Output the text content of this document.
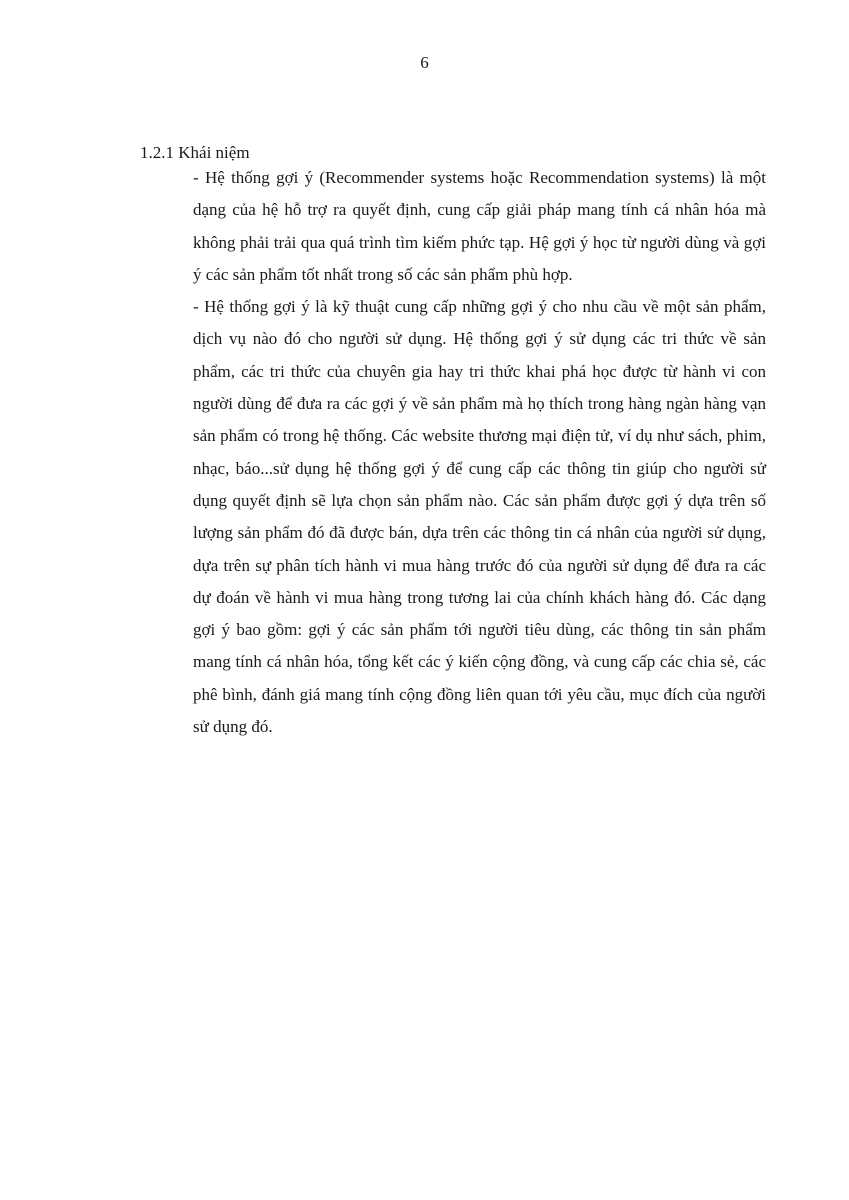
6
1.2.1 Khái niệm

- Hệ thống gợi ý (Recommender systems hoặc Recommendation systems) là một dạng của hệ hỗ trợ ra quyết định, cung cấp giải pháp mang tính cá nhân hóa mà không phải trải qua quá trình tìm kiếm phức tạp. Hệ gợi ý học từ người dùng và gợi ý các sản phẩm tốt nhất trong số các sản phẩm phù hợp.

- Hệ thống gợi ý là kỹ thuật cung cấp những gợi ý cho nhu cầu về một sản phẩm, dịch vụ nào đó cho người sử dụng. Hệ thống gợi ý sử dụng các tri thức về sản phẩm, các tri thức của chuyên gia hay tri thức khai phá học được từ hành vi con người dùng để đưa ra các gợi ý về sản phẩm mà họ thích trong hàng ngàn hàng vạn sản phẩm có trong hệ thống. Các website thương mại điện tử, ví dụ như sách, phim, nhạc, báo...sử dụng hệ thống gợi ý để cung cấp các thông tin giúp cho người sử dụng quyết định sẽ lựa chọn sản phẩm nào. Các sản phẩm được gợi ý dựa trên số lượng sản phẩm đó đã được bán, dựa trên các thông tin cá nhân của người sử dụng, dựa trên sự phân tích hành vi mua hàng trước đó của người sử dụng để đưa ra các dự đoán về hành vi mua hàng trong tương lai của chính khách hàng đó. Các dạng gợi ý bao gồm: gợi ý các sản phẩm tới người tiêu dùng, các thông tin sản phẩm mang tính cá nhân hóa, tổng kết các ý kiến cộng đồng, và cung cấp các chia sẻ, các phê bình, đánh giá mang tính cộng đồng liên quan tới yêu cầu, mục đích của người sử dụng đó.
